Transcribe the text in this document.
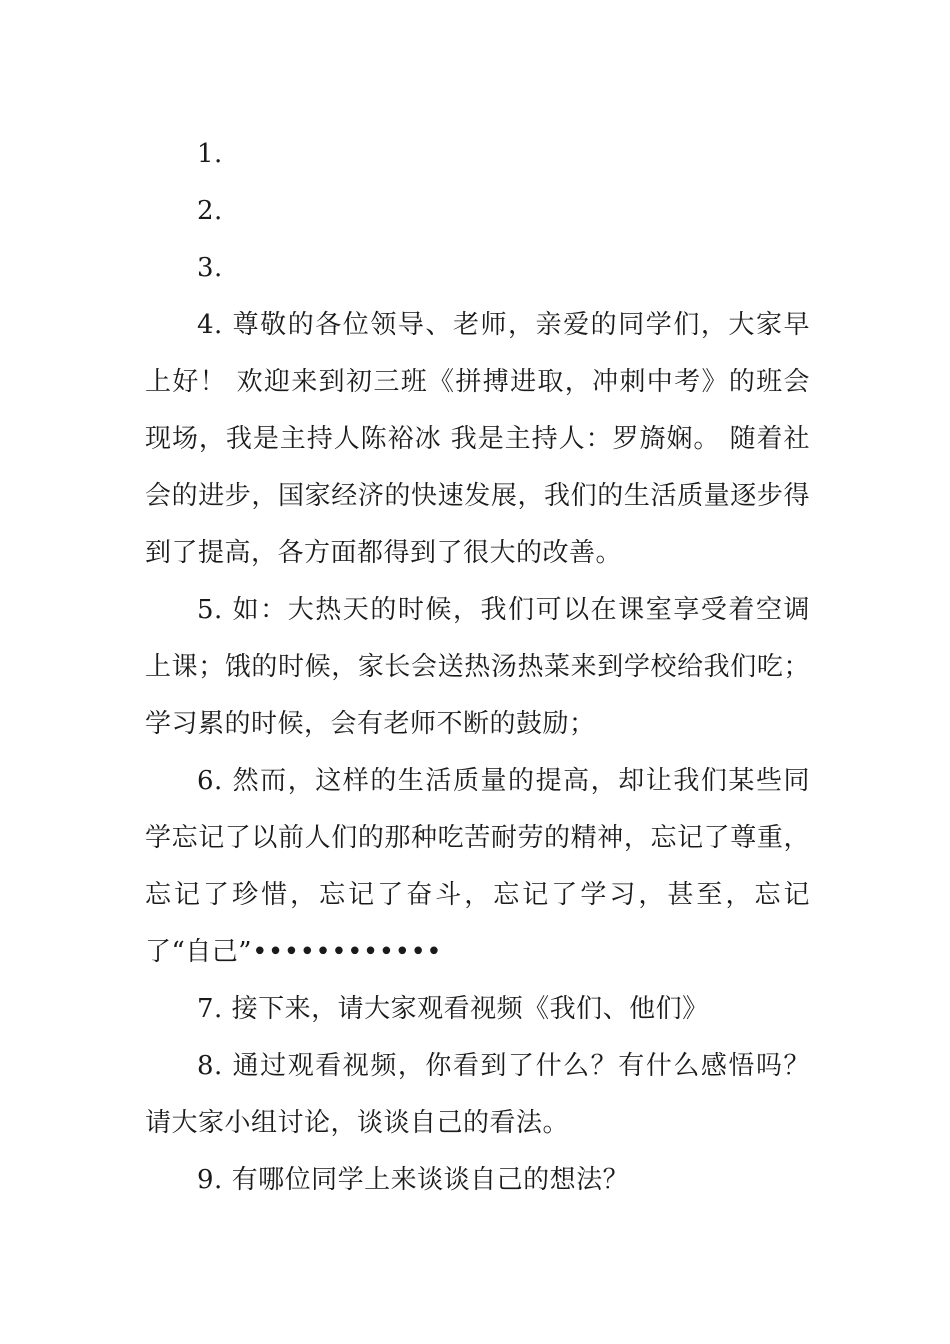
1.

2.

3.

4. 尊敬的各位领导、老师，亲爱的同学们，大家早上好！ 欢迎来到初三班《拼搏进取，冲刺中考》的班会现场，我是主持人陈裕冰 我是主持人：罗旖娴。 随着社会的进步，国家经济的快速发展，我们的生活质量逐步得到了提高，各方面都得到了很大的改善。

5. 如：大热天的时候，我们可以在课室享受着空调上课；饿的时候，家长会送热汤热菜来到学校给我们吃；学习累的时候，会有老师不断的鼓励；

6. 然而，这样的生活质量的提高，却让我们某些同学忘记了以前人们的那种吃苦耐劳的精神，忘记了尊重，忘记了珍惜，忘记了奋斗，忘记了学习，甚至，忘记了“自己”••••••••••••

7. 接下来，请大家观看视频《我们、他们》

8. 通过观看视频，你看到了什么？有什么感悟吗？请大家小组讨论，谈谈自己的看法。

9. 有哪位同学上来谈谈自己的想法？
